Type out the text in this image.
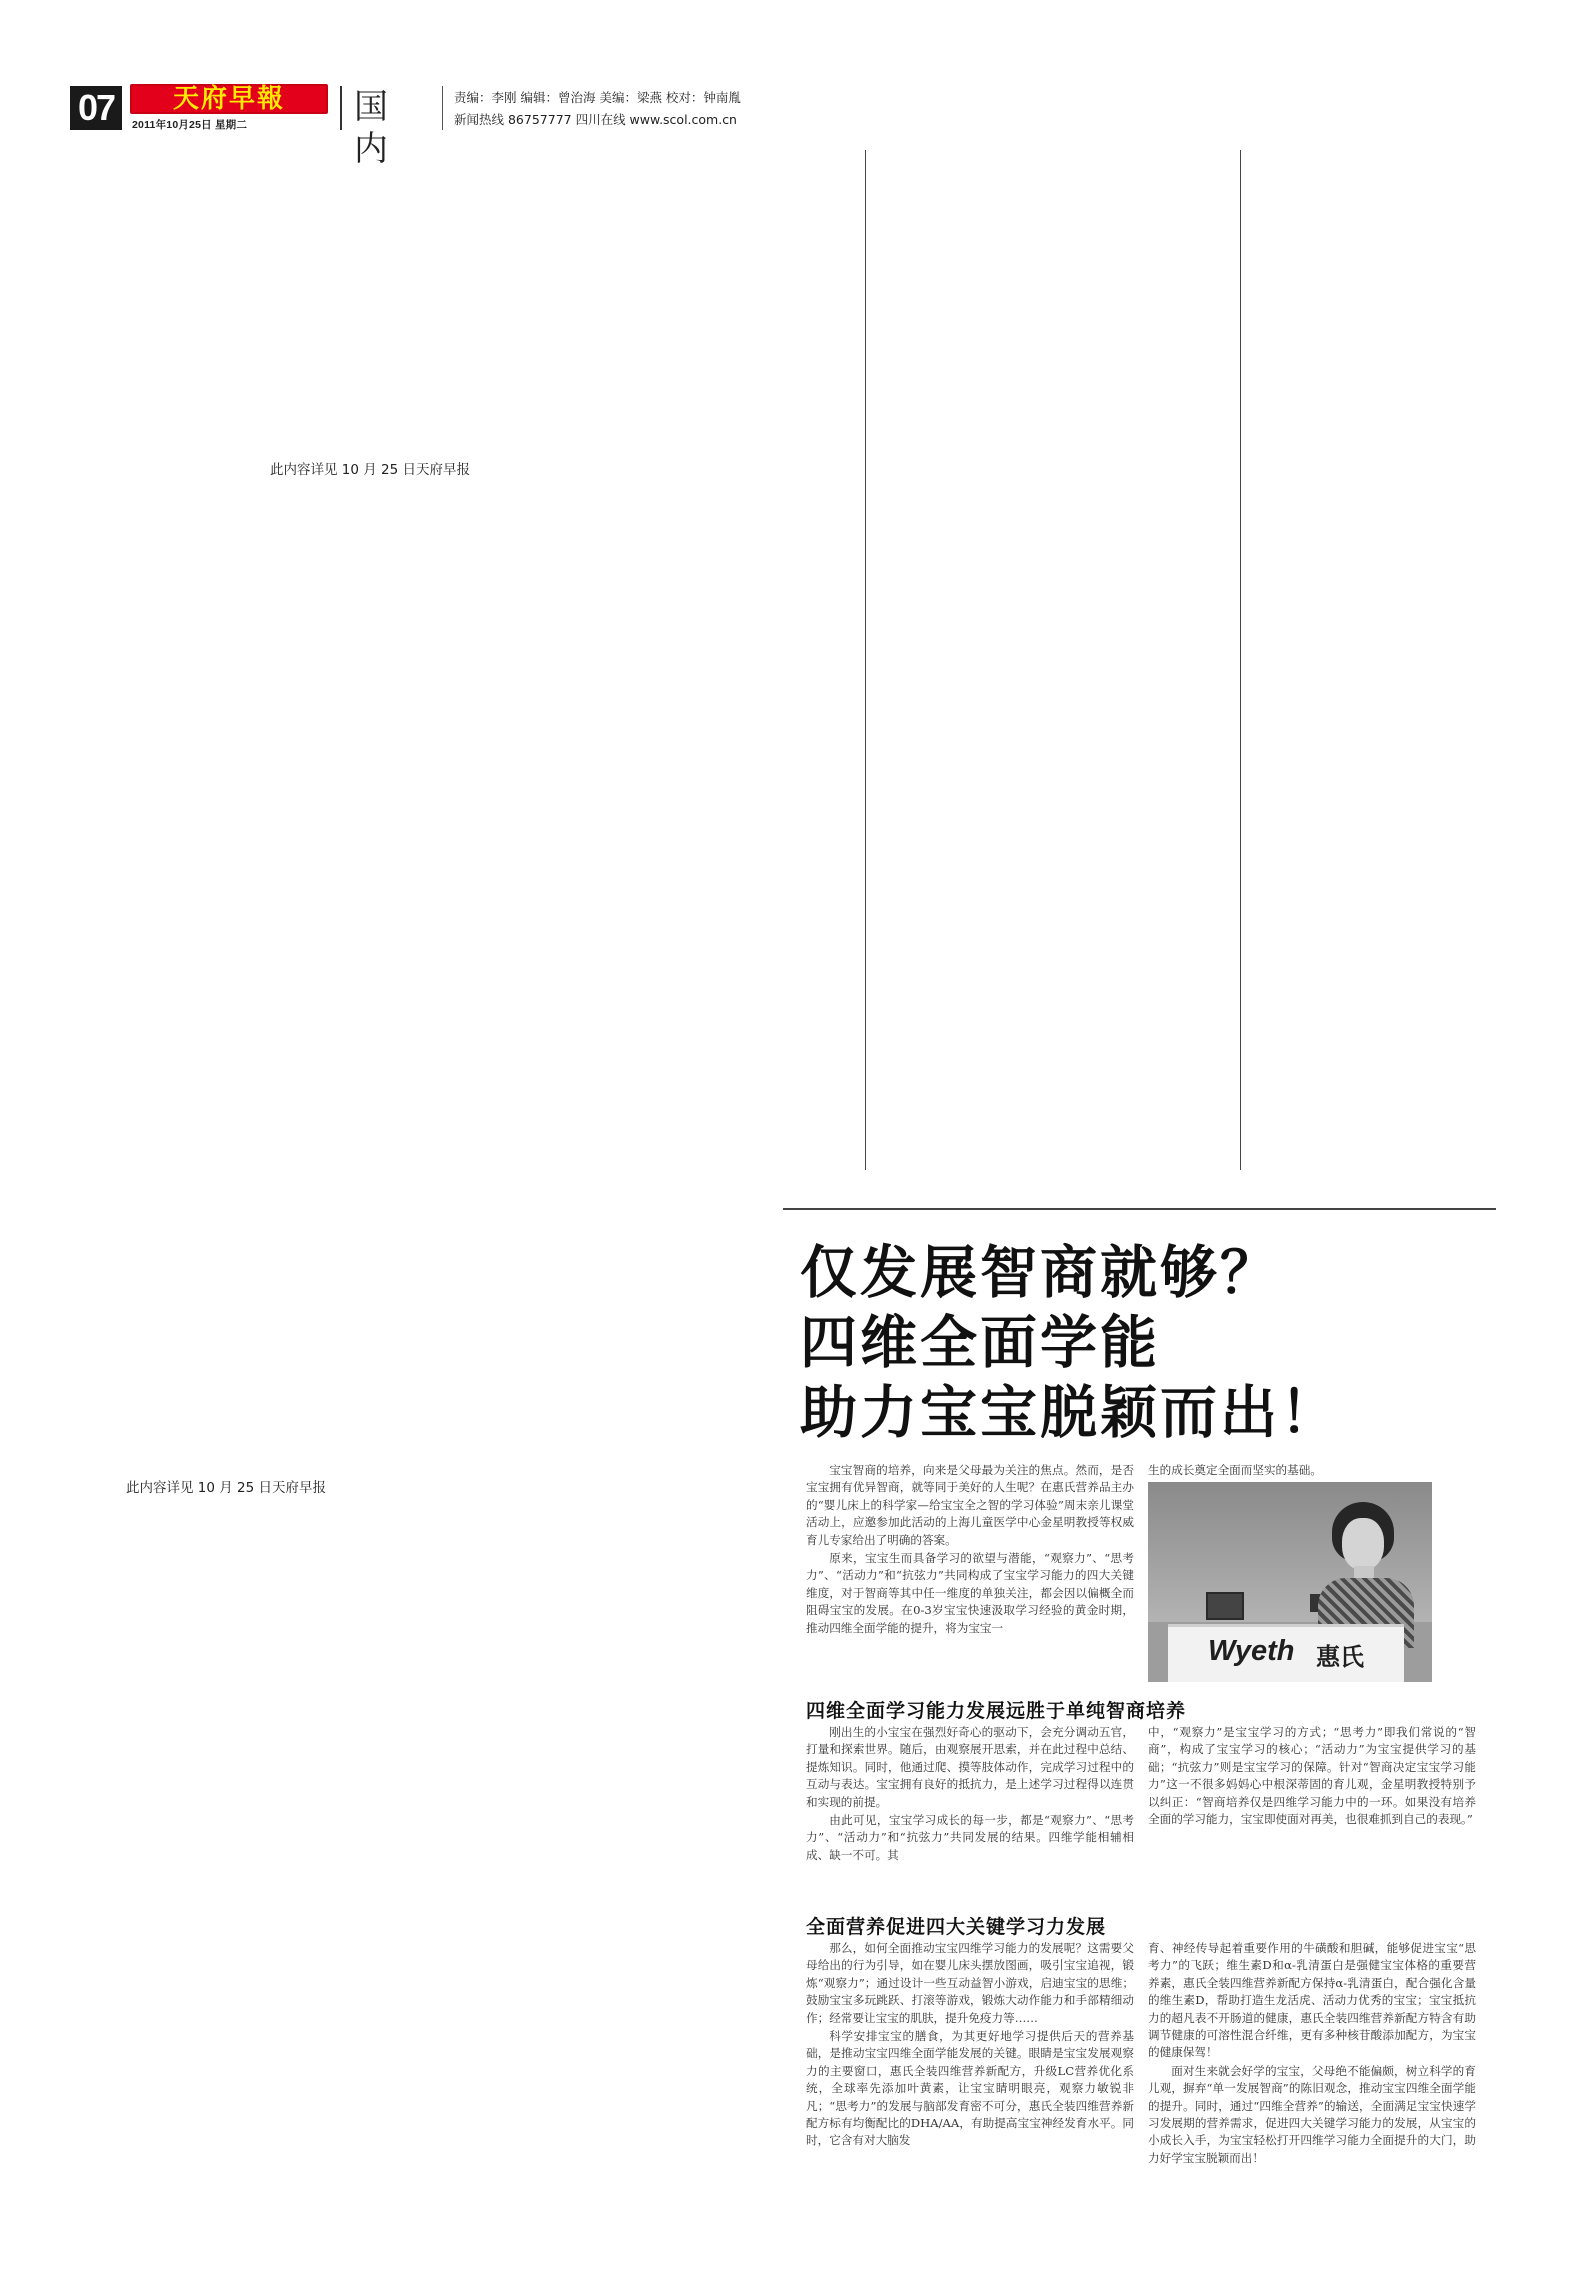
07	天府早報
2011年10月25日 星期二	国内
责编：李刚 编辑：曾治海 美编：梁燕 校对：钟南胤
新闻热线 86757777 四川在线 www.scol.com.cn
此内容详见 10 月 25 日天府早报
此内容详见 10 月 25 日天府早报
仅发展智商就够？
四维全面学能
助力宝宝脱颖而出！

宝宝智商的培养，向来是父母最为关注的焦点。然而，是否宝宝拥有优异智商，就等同于美好的人生呢？在惠氏营养品主办的“婴儿床上的科学家—给宝宝全之智的学习体验”周末亲儿课堂活动上，应邀参加此活动的上海儿童医学中心金星明教授等权威育儿专家给出了明确的答案。

原来，宝宝生而具备学习的欲望与潜能，“观察力”、“思考力”、“活动力”和“抗弦力”共同构成了宝宝学习能力的四大关键维度，对于智商等其中任一维度的单独关注，都会因以偏概全而阻碍宝宝的发展。在0-3岁宝宝快速汲取学习经验的黄金时期，推动四维全面学能的提升，将为宝宝一

生的成长奠定全面而坚实的基础。

Wyeth 惠氏
四维全面学习能力发展远胜于单纯智商培养

刚出生的小宝宝在强烈好奇心的驱动下，会充分调动五官，打量和探索世界。随后，由观察展开思索，并在此过程中总结、提炼知识。同时，他通过爬、摸等肢体动作，完成学习过程中的互动与表达。宝宝拥有良好的抵抗力，是上述学习过程得以连贯和实现的前提。

由此可见，宝宝学习成长的每一步，都是“观察力”、“思考力”、“活动力”和“抗弦力”共同发展的结果。四维学能相辅相成、缺一不可。其

中，“观察力”是宝宝学习的方式；“思考力”即我们常说的“智商”，构成了宝宝学习的核心；“活动力”为宝宝提供学习的基础；“抗弦力”则是宝宝学习的保障。针对“智商决定宝宝学习能力”这一不很多妈妈心中根深蒂固的育儿观，金星明教授特别予以纠正：“智商培养仅是四维学习能力中的一环。如果没有培养全面的学习能力，宝宝即使面对再美，也很难抓到自己的表现。”

全面营养促进四大关键学习力发展

那么，如何全面推动宝宝四维学习能力的发展呢？这需要父母给出的行为引导，如在婴儿床头摆放图画，吸引宝宝追视，锻炼“观察力”；通过设计一些互动益智小游戏，启迪宝宝的思维；鼓励宝宝多玩跳跃、打滚等游戏，锻炼大动作能力和手部精细动作；经常要让宝宝的肌肤，提升免疫力等……

科学安排宝宝的膳食，为其更好地学习提供后天的营养基础，是推动宝宝四维全面学能发展的关键。眼睛是宝宝发展观察力的主要窗口，惠氏全装四维营养新配方，升级LC营养优化系统，全球率先添加叶黄素，让宝宝睛明眼亮，观察力敏锐非凡；“思考力”的发展与脑部发育密不可分，惠氏全装四维营养新配方标有均衡配比的DHA/AA，有助提高宝宝神经发育水平。同时，它含有对大脑发

育、神经传导起着重要作用的牛磺酸和胆碱，能够促进宝宝“思考力”的飞跃；维生素D和α-乳清蛋白是强健宝宝体格的重要营养素，惠氏全装四维营养新配方保持α-乳清蛋白，配合强化含量的维生素D，帮助打造生龙活虎、活动力优秀的宝宝；宝宝抵抗力的超凡表不开肠道的健康，惠氏全装四维营养新配方特含有助调节健康的可溶性混合纤维，更有多种核苷酸添加配方，为宝宝的健康保驾！

面对生来就会好学的宝宝，父母绝不能偏颇，树立科学的育儿观，摒弃“单一发展智商”的陈旧观念，推动宝宝四维全面学能的提升。同时，通过“四维全营养”的输送，全面满足宝宝快速学习发展期的营养需求，促进四大关键学习能力的发展，从宝宝的小成长入手，为宝宝轻松打开四维学习能力全面提升的大门，助力好学宝宝脱颖而出！
